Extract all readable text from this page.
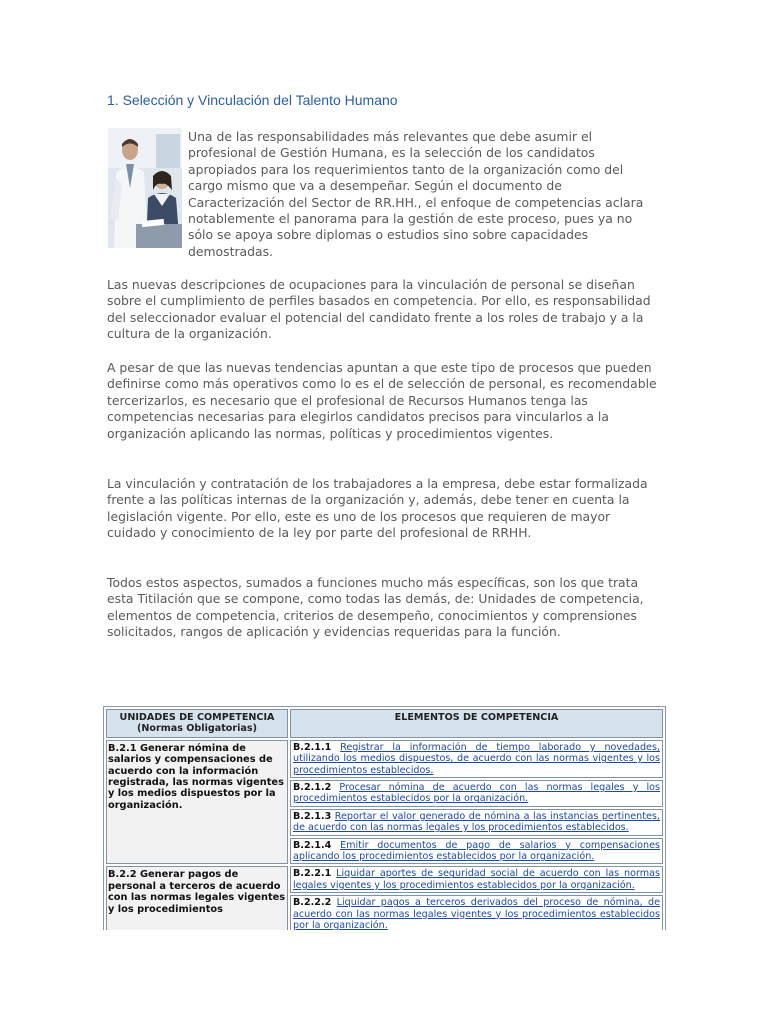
1. Selección y Vinculación del Talento Humano

Una de las responsabilidades más relevantes que debe asumir el profesional de Gestión Humana, es la selección de los candidatos apropiados para los requerimientos tanto de la organización como del cargo mismo que va a desempeñar. Según el documento de Caracterización del Sector de RR.HH., el enfoque de competencias aclara notablemente el panorama para la gestión de este proceso, pues ya no sólo se apoya sobre diplomas o estudios sino sobre capacidades demostradas.

Las nuevas descripciones de ocupaciones para la vinculación de personal se diseñan sobre el cumplimiento de perfiles basados en competencia. Por ello, es responsabilidad del seleccionador evaluar el potencial del candidato frente a los roles de trabajo y a la cultura de la organización.

A pesar de que las nuevas tendencias apuntan a que este tipo de procesos que pueden definirse como más operativos como lo es el de selección de personal, es recomendable tercerizarlos, es necesario que el profesional de Recursos Humanos tenga las competencias necesarias para elegirlos candidatos precisos para vincularlos a la organización aplicando las normas, políticas y procedimientos vigentes.

La vinculación y contratación de los trabajadores a la empresa, debe estar formalizada frente a las políticas internas de la organización y, además, debe tener en cuenta la legislación vigente. Por ello, este es uno de los procesos que requieren de mayor cuidado y conocimiento de la ley por parte del profesional de RRHH.

Todos estos aspectos, sumados a funciones mucho más específicas, son los que trata esta Titilación que se compone, como todas las demás, de: Unidades de competencia, elementos de competencia, criterios de desempeño, conocimientos y comprensiones solicitados, rangos de aplicación y evidencias requeridas para la función.

UNIDADES DE COMPETENCIA
(Normas Obligatorias)	ELEMENTOS DE COMPETENCIA
B.2.1 Generar nómina de salarios y compensaciones de acuerdo con la información registrada, las normas vigentes y los medios dispuestos por la organización.	B.2.1.1 Registrar la información de tiempo laborado y novedades, utilizando los medios dispuestos, de acuerdo con las normas vigentes y los procedimientos establecidos.
	B.2.1.2 Procesar nómina de acuerdo con las normas legales y los procedimientos establecidos por la organización.
	B.2.1.3 Reportar el valor generado de nómina a las instancias pertinentes, de acuerdo con las normas legales y los procedimientos establecidos.
	B.2.1.4 Emitir documentos de pago de salarios y compensaciones aplicando los procedimientos establecidos por la organización.
B.2.2 Generar pagos de personal a terceros de acuerdo con las normas legales vigentes y los procedimientos	B.2.2.1 Liquidar aportes de seguridad social de acuerdo con las normas legales vigentes y los procedimientos establecidos por la organización.
	B.2.2.2 Liquidar pagos a terceros derivados del proceso de nómina, de acuerdo con las normas legales vigentes y los procedimientos establecidos por la organización.
